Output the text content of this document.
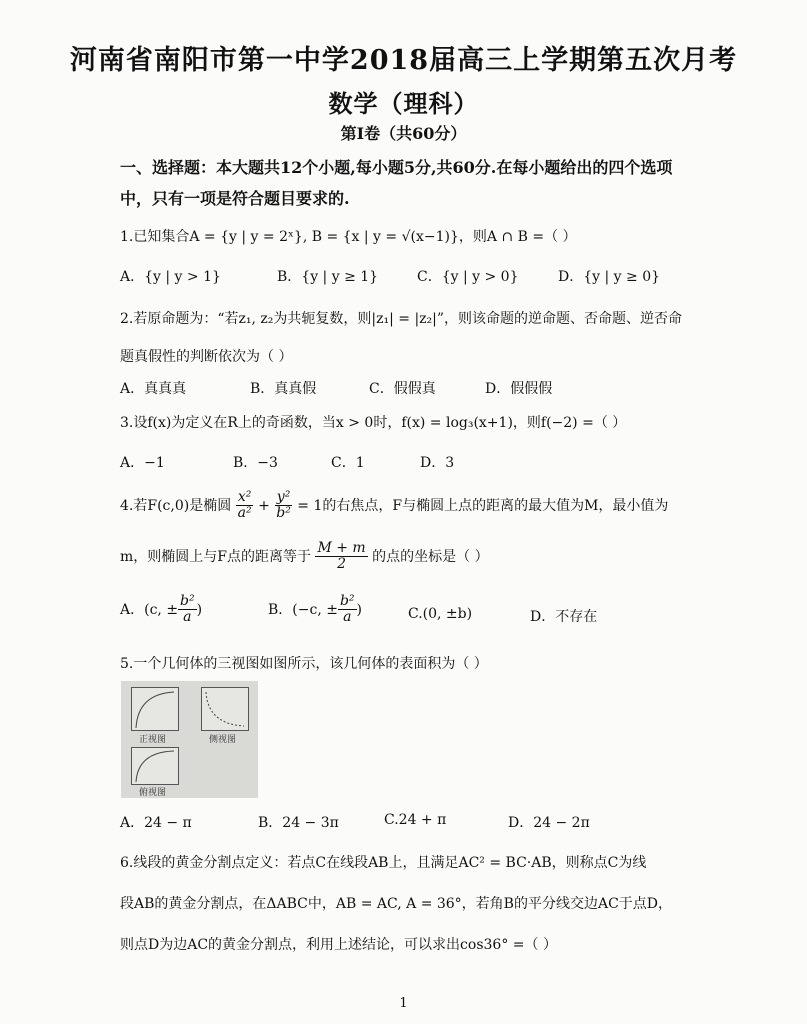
河南省南阳市第一中学2018届高三上学期第五次月考
数学（理科）
第Ⅰ卷（共60分）
一、选择题：本大题共12个小题,每小题5分,共60分.在每小题给出的四个选项
中，只有一项是符合题目要求的.
1.已知集合A = {y | y = 2ˣ}, B = {x | y = √(x−1)}，则A ∩ B =（ ）
A．{y | y > 1}	B．{y | y ≥ 1}	C．{y | y > 0}	D．{y | y ≥ 0}
2.若原命题为：“若z₁, z₂为共轭复数，则|z₁| = |z₂|”，则该命题的逆命题、否命题、逆否命
题真假性的判断依次为（ ）
A．真真真	B．真真假	C．假假真	D．假假假
3.设f(x)为定义在R上的奇函数，当x > 0时，f(x) = log₃(x+1)，则f(−2) =（ ）
A．−1	B．−3	C．1	D．3
4.若F(c,0)是椭圆 $\frac{\text{x²}}{\text{a²}} + \frac{\text{y²}}{\text{b²}} = 1$的右焦点，F与椭圆上点的距离的最大值为M，最小值为
m，则椭圆上与F点的距离等于 $\frac{M + m}{2}$ 的点的坐标是（ ）
A．(c, ± $\frac{\text{b²}}{a}$ )	B．(−c, ± $\frac{\text{b²}}{a}$ )	C.(0, ±b)	D．不存在
5.一个几何体的三视图如图所示，该几何体的表面积为（ ）
正视图	侧视图
俯视图
A．24 − π	B．24 − 3π	C.24 + π	D．24 − 2π
6.线段的黄金分割点定义：若点C在线段AB上，且满足AC² = BC·AB，则称点C为线
段AB的黄金分割点，在ΔABC中，AB = AC, A = 36°，若角B的平分线交边AC于点D，
则点D为边AC的黄金分割点，利用上述结论，可以求出cos36° =（ ）
1
